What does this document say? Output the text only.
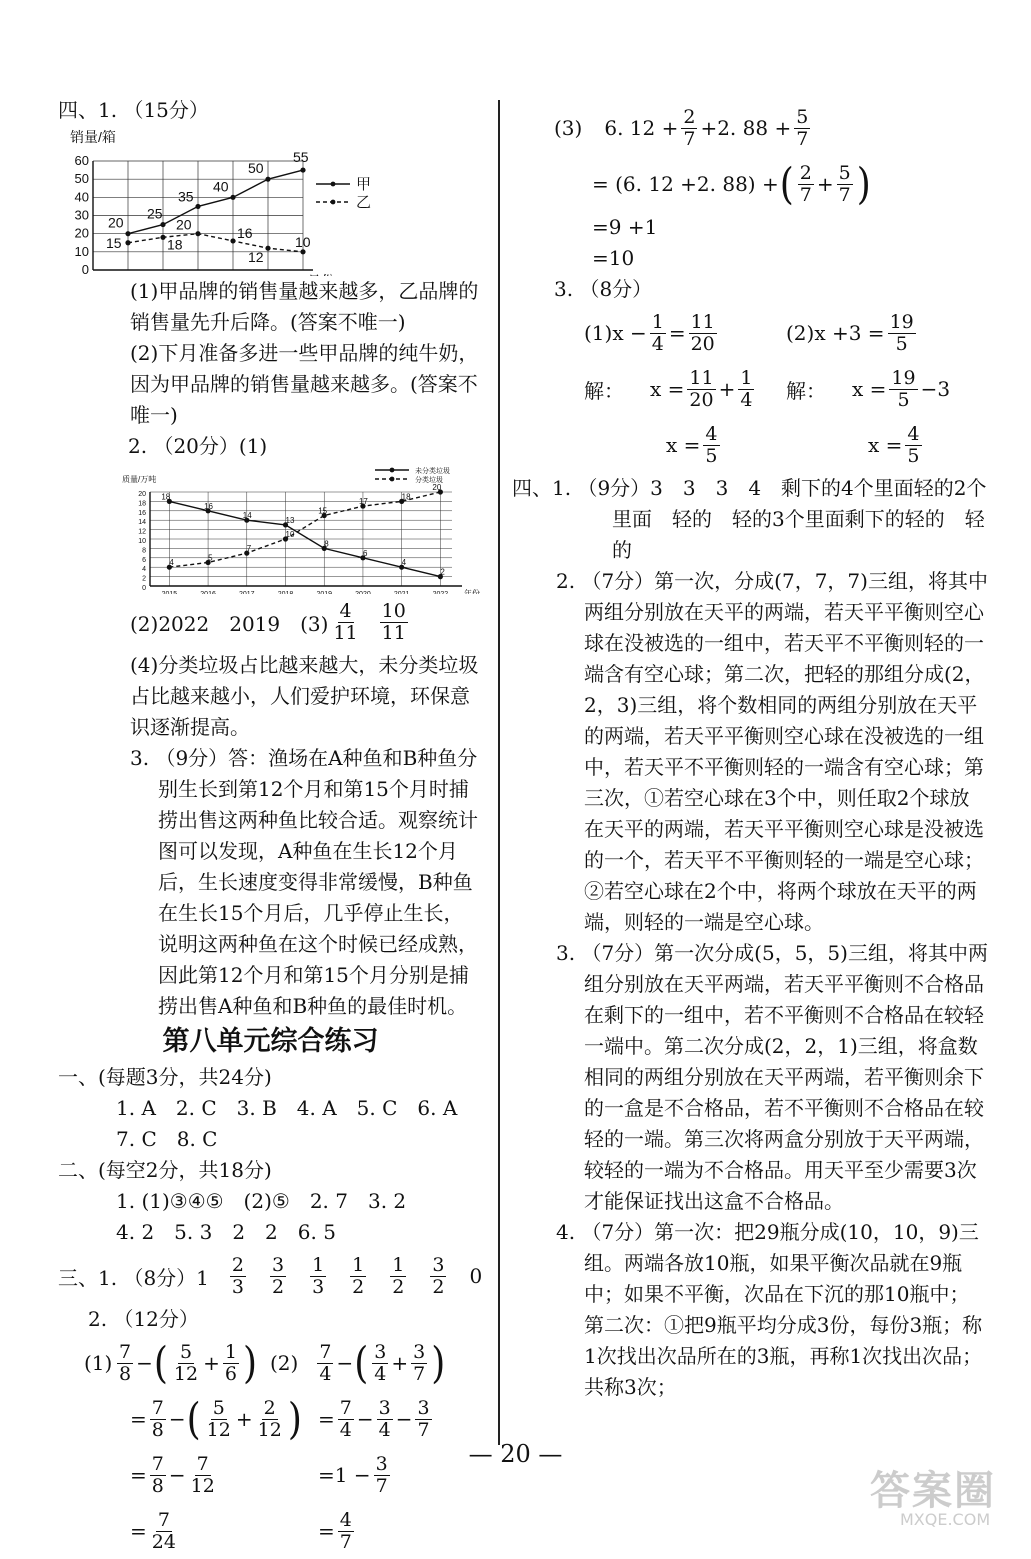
四、1. （15分）
0
10
20
30
40
50
60
销量/箱
20
25
35
40
50
55
甲
15	18
20
16
12
10
乙
(1)甲品牌的销售量越来越多，乙品牌的销售量先升后降。(答案不唯一)
(2)下月准备多进一些甲品牌的纯牛奶，因为甲品牌的销售量越来越多。(答案不唯一)
2. （20分）(1)
0
2
4
6
8
10
12
14
16
18
20
质量/万吨
年份
18
16
14
13
8
6
4
2
未分类垃圾
4
5
7
10
15
17
18
20
分类垃圾
(2)2022　2019　$(3) \frac{4}{11} \frac{10}{11}$
(4)分类垃圾占比越来越大，未分类垃圾占比越来越小，人们爱护环境，环保意识逐渐提高。
3. （9分）答：渔场在A种鱼和B种鱼分别生长到第12个月和第15个月时捕捞出售这两种鱼比较合适。观察统计图可以发现，A种鱼在生长12个月后，生长速度变得非常缓慢，B种鱼在生长15个月后，几乎停止生长，说明这两种鱼在这个时候已经成熟，因此第12个月和第15个月分别是捕捞出售A种鱼和B种鱼的最佳时机。
第八单元综合练习
一、(每题3分，共24分)
1. A　2. C　3. B　4. A　5. C　6. A
7. C　8. C
二、(每空2分，共18分)
1. (1)③④⑤　(2)⑤　2. 7　3. 2
4. 2　5. 3　2　2　6. 5
三、1. （8分）$1 \frac{2}{3} \frac{3}{2} \frac{1}{3} \frac{1}{2} \frac{1}{2} \frac{3}{2} 0$
2. （12分）
$(1) \frac{7}{8}$ − ( $\frac{5}{12} + \frac{1}{6}$ )
= $\frac{7}{8}$ − ( $\frac{5}{12} + \frac{2}{12}$ )
= $\frac{7}{8} - \frac{7}{12}$
= $\frac{7}{24}$
$(2) \frac{7}{4}$ − ( $\frac{3}{4} + \frac{3}{7}$ )
= $\frac{7}{4} - \frac{3}{4} - \frac{3}{7}$
$=1 - \frac{3}{7}$
= $\frac{4}{7}$
(3) 6. $12 + \frac{2}{7} +2$. $88 + \frac{5}{7}$
= (6. 12 +2. 88) + ( $\frac{2}{7} + \frac{5}{7}$ )
=9 +1
=10
3. （8分）
$(1)x - \frac{1}{4} = \frac{11}{20}$
解： $x = \frac{11}{20} + \frac{1}{4}$
$x = \frac{4}{5}$
$(2)x +3 = \frac{19}{5}$
解： $x = \frac{19}{5} -3$
$x = \frac{4}{5}$
四、1. （9分）3　3　3　4　剩下的4个里面轻的2个里面　轻的　轻的3个里面剩下的轻的　轻的
2. （7分）第一次，分成(7，7，7)三组，将其中两组分别放在天平的两端，若天平平衡则空心球在没被选的一组中，若天平不平衡则轻的一端含有空心球；第二次，把轻的那组分成(2，2，3)三组，将个数相同的两组分别放在天平的两端，若天平平衡则空心球在没被选的一组中，若天平不平衡则轻的一端含有空心球；第三次，①若空心球在3个中，则任取2个球放在天平的两端，若天平平衡则空心球是没被选的一个，若天平不平衡则轻的一端是空心球；②若空心球在2个中，将两个球放在天平的两端，则轻的一端是空心球。
3. （7分）第一次分成(5，5，5)三组，将其中两组分别放在天平两端，若天平平衡则不合格品在剩下的一组中，若不平衡则不合格品在较轻一端中。第二次分成(2，2，1)三组，将盒数相同的两组分别放在天平两端，若平衡则余下的一盒是不合格品，若不平衡则不合格品在较轻的一端。第三次将两盒分别放于天平两端，较轻的一端为不合格品。用天平至少需要3次才能保证找出这盒不合格品。
4. （7分）第一次：把29瓶分成(10，10，9)三组。两端各放10瓶，如果平衡次品就在9瓶中；如果不平衡，次品在下沉的那10瓶中；第二次：①把9瓶平均分成3份，每份3瓶；称1次找出次品所在的3瓶，再称1次找出次品；共称3次；
— 20 —
答案圈
MXQE.COM
